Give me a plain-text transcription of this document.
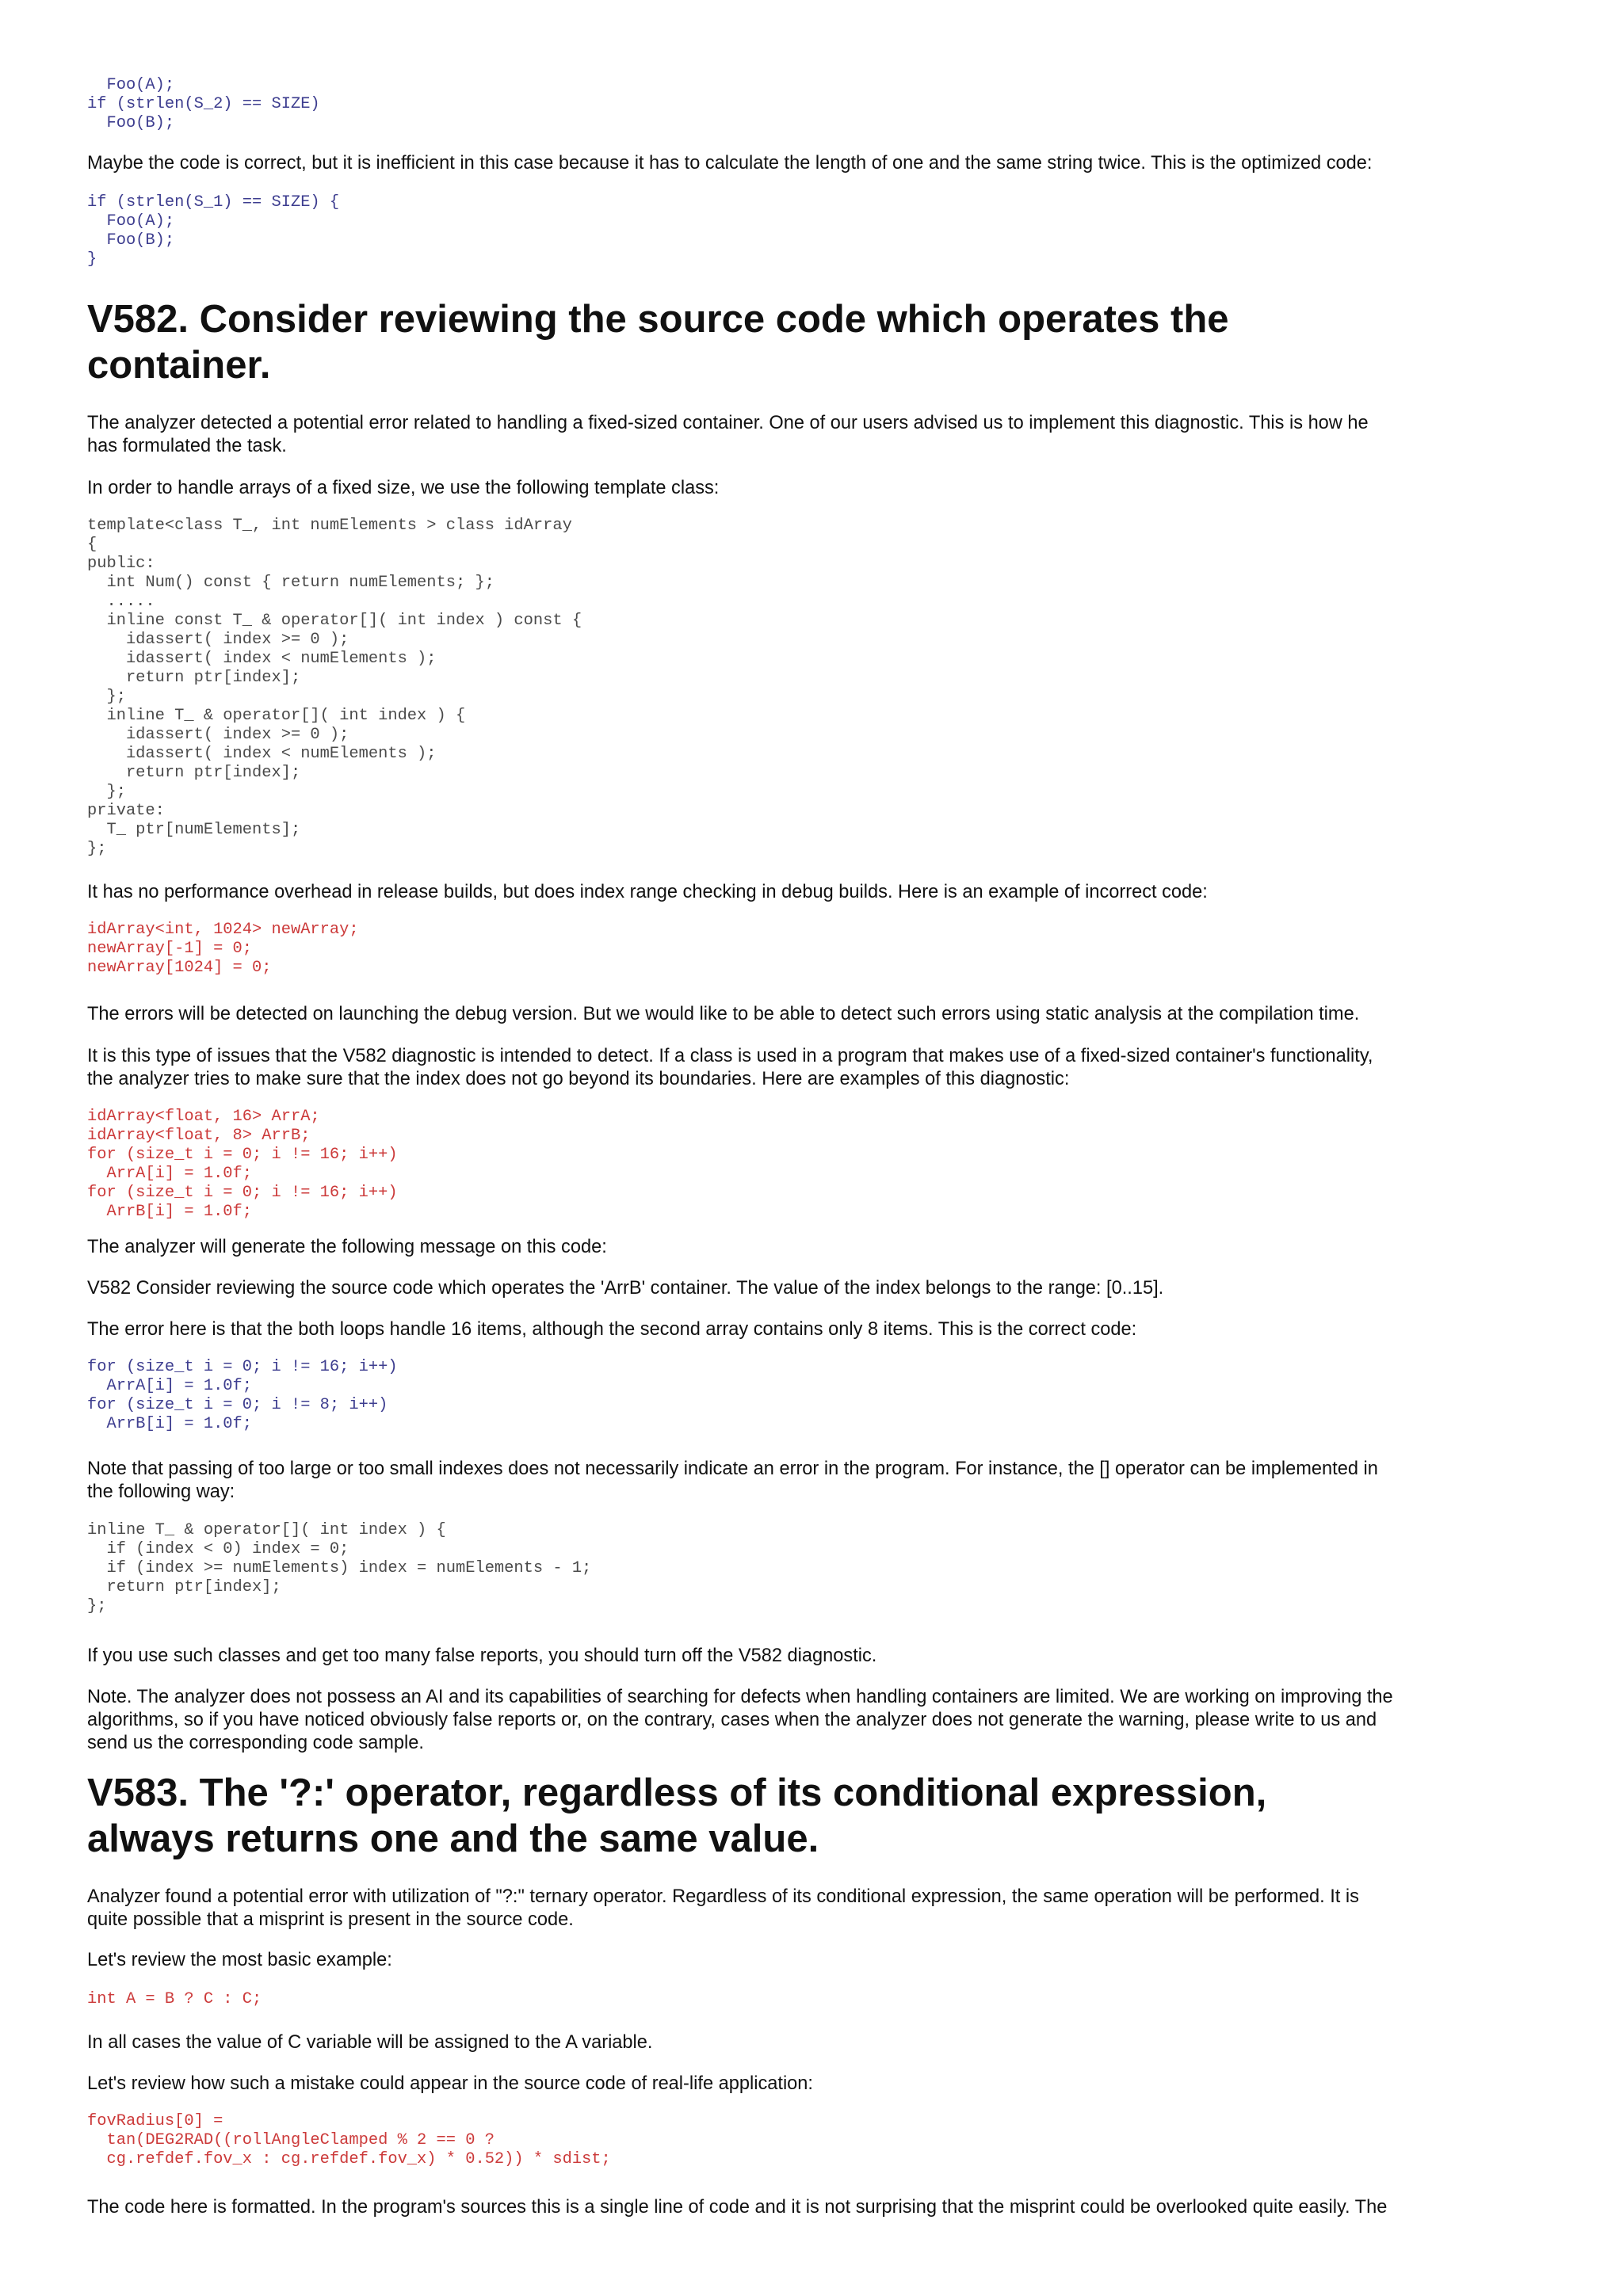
Foo(A);
if (strlen(S_2) == SIZE)
Foo(B);

Maybe the code is correct, but it is inefficient in this case because it has to calculate the length of one and the same string twice. This is the optimized code:

if (strlen(S_1) == SIZE) {
Foo(A);
Foo(B);
}
V582. Consider reviewing the source code which operates the container.

The analyzer detected a potential error related to handling a fixed-sized container. One of our users advised us to implement this diagnostic. This is how he has formulated the task.

In order to handle arrays of a fixed size, we use the following template class:

template<class T_, int numElements > class idArray
{
public:
int Num() const { return numElements; };
.....
inline const T_ & operator[]( int index ) const {
idassert( index >= 0 );
idassert( index < numElements );
return ptr[index];
};
inline T_ & operator[]( int index ) {
idassert( index >= 0 );
idassert( index < numElements );
return ptr[index];
};
private:
T_ ptr[numElements];
};

It has no performance overhead in release builds, but does index range checking in debug builds. Here is an example of incorrect code:

idArray<int, 1024> newArray;
newArray[-1] = 0;
newArray[1024] = 0;

The errors will be detected on launching the debug version. But we would like to be able to detect such errors using static analysis at the compilation time.

It is this type of issues that the V582 diagnostic is intended to detect. If a class is used in a program that makes use of a fixed-sized container's functionality, the analyzer tries to make sure that the index does not go beyond its boundaries. Here are examples of this diagnostic:

idArray<float, 16> ArrA;
idArray<float, 8> ArrB;
for (size_t i = 0; i != 16; i++)
ArrA[i] = 1.0f;
for (size_t i = 0; i != 16; i++)
ArrB[i] = 1.0f;

The analyzer will generate the following message on this code:

V582 Consider reviewing the source code which operates the 'ArrB' container. The value of the index belongs to the range: [0..15].

The error here is that the both loops handle 16 items, although the second array contains only 8 items. This is the correct code:

for (size_t i = 0; i != 16; i++)
ArrA[i] = 1.0f;
for (size_t i = 0; i != 8; i++)
ArrB[i] = 1.0f;

Note that passing of too large or too small indexes does not necessarily indicate an error in the program. For instance, the [] operator can be implemented in the following way:

inline T_ & operator[]( int index ) {
if (index < 0) index = 0;
if (index >= numElements) index = numElements - 1;
return ptr[index];
};

If you use such classes and get too many false reports, you should turn off the V582 diagnostic.

Note. The analyzer does not possess an AI and its capabilities of searching for defects when handling containers are limited. We are working on improving the algorithms, so if you have noticed obviously false reports or, on the contrary, cases when the analyzer does not generate the warning, please write to us and send us the corresponding code sample.

V583. The '?:' operator, regardless of its conditional expression, always returns one and the same value.

Analyzer found a potential error with utilization of "?:" ternary operator. Regardless of its conditional expression, the same operation will be performed. It is quite possible that a misprint is present in the source code.

Let's review the most basic example:

int A = B ? C : C;

In all cases the value of C variable will be assigned to the A variable.

Let's review how such a mistake could appear in the source code of real-life application:

fovRadius[0] =
tan(DEG2RAD((rollAngleClamped % 2 == 0 ?
cg.refdef.fov_x : cg.refdef.fov_x) * 0.52)) * sdist;

The code here is formatted. In the program's sources this is a single line of code and it is not surprising that the misprint could be overlooked quite easily. The
